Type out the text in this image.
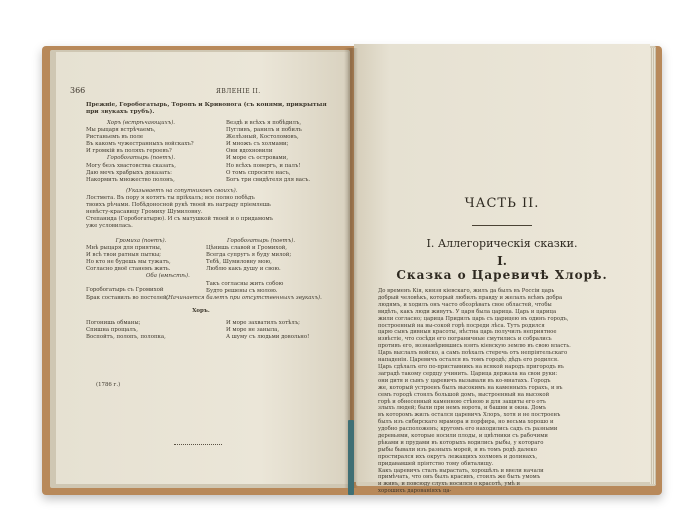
366	ЯВЛЕНІЕ II.
Прежніе, Горобогатырь, Торопъ и Кривонога (съ конями, прикрытыя при звукахъ трубъ).
Хоръ (встрѣчающихъ).
Мы рыцаря встрѣчаемъ,
Ристаньемъ въ поле
Въ какомъ чужестранныхъ войскахъ?
И громкій въ поляхъ героевъ?
Горобогатырь (поетъ).
Могу безъ хвастовства сказать,
Даю мечъ храбрыхъ доказать:
Накормить множество полонъ,
Вездѣ и всѣхъ я побѣдилъ,
Пугливъ, ранилъ и побилъ
Желѣзный, Костоломовъ,
И множъ съ холмами;
Они вдохновили
И море съ островами,
Но всѣхъ повергъ, и палъ!
О томъ спросите насъ,
Богъ три свидѣтеля для васъ.
(Указываетъ на сопутниковъ своихъ).
Лостмета. Въ пору я котятъ ты пріѣхалъ; все полно побѣдъ
твоихъ рѣчами. Побѣдоносной рукѣ твоей въ награду пріемлешь
невѣсту-красавицу Громиху Шумиловну.
Степанида (Горобогатырю). И съ матушкой твоей и о придамомъ
уже условилась.
Громиха (поетъ).
Мнѣ рыцаря для приятны,
И всѣ твои ратныя пыткы;
Но кто не будешь мы тужатъ,
Согласно двоё станемъ жить.
Горобогатырь съ Громихой
Брак составилъ во постелей,
Горобогатырь (поетъ).
Цѣнишь славой и Громихой,
Всегда супругъ я буду милой;
Тебѣ, Шумиловну мою,
Люблю какъ душу и свою.
Оба (вмѣстѣ).
Такъ согласны жить собою
Будто решены съ молою.
(Начинается балетъ при отсутственныхъ звукахъ).
Хоръ.
Погонишь обманы;
Спишна прощалъ,
Воспойтъ, полопъ, полопка,
И море захватилъ хотѣлъ;
И море не заныла,
А шуму съ людьми довольно!
(1786 г.)
ЧАСТЬ II.
I. Аллегорическія сказки.
I.
Сказка о Царевичѣ Хлорѣ.
До временъ Кія, князя кіевскаго, жилъ да былъ въ Россіи царь
добрый человѣкъ, который любилъ правду и желалъ всѣмъ добра
людямъ, и ходилъ онъ часто обозрѣвать свое областей, чтобы
видѣть, какъ люди живутъ. У царя была царица. Царь и царица
жили согласно; царица Придилъ царь съ царицею въ одинъ городъ,
построенный на вы-сокой горѣ посреди лѣса. Тутъ родился
царю сынъ дивныя красоты, нѣстна царь получилъ неприятное
извѣстіе, что сосѣди его пограничные смутились и собрались
противъ его, вознамѣрившись взять кіевскую землю въ свою власть.
Царь выслалъ войско, а самъ поѣхалъ стеречь отъ непріятельскаго
нападенія. Царевичъ остался въ томъ городѣ; дѣдъ его родился.
Царь сдѣлалъ его по-приставникъ на всякой народъ пригородъ въ
заградѣ такому сердцу учинить. Царица держала на свои руки:
они дитя и сынъ у царевичъ вызывали въ ко-мнатахъ. Городъ
же, который устроенъ былъ высокимъ на каменныхъ горахъ, и въ
семъ городѣ стоялъ большой домъ, выстроенный на высокой
горѣ и обнесенный каменною стѣною и для защиты его отъ
злыхъ людей; были при немъ ворота, и башни и окна. Домъ
въ которомъ жилъ остался царевичъ Хлоръ, хотя и не построенъ
былъ изъ сибирскаго мрамора и порфира, но весьма хорошо и
удобно расположенъ; кругомъ его находились садъ съ разными
деревьями, которые носили плоды, и цвѣтники съ рабочими
рѣками и прудами въ которыхъ водились рыбы, у котораго
рыбы бывали изъ разныхъ морей, и въ томъ родѣ далеко
простирался ихъ округъ лежащихъ холмовъ и долинахъ,
придававшей пріятство тому обиталищу.
Какъ царевичъ сталъ вырастать, хорошѣлъ и ввели начали
примѣчать, что онъ былъ красивъ, стоилъ же быть умомъ
и живъ, и повсюду слухъ носился о красотѣ, умѣ и
хорошихъ дарованіяхъ ца-
